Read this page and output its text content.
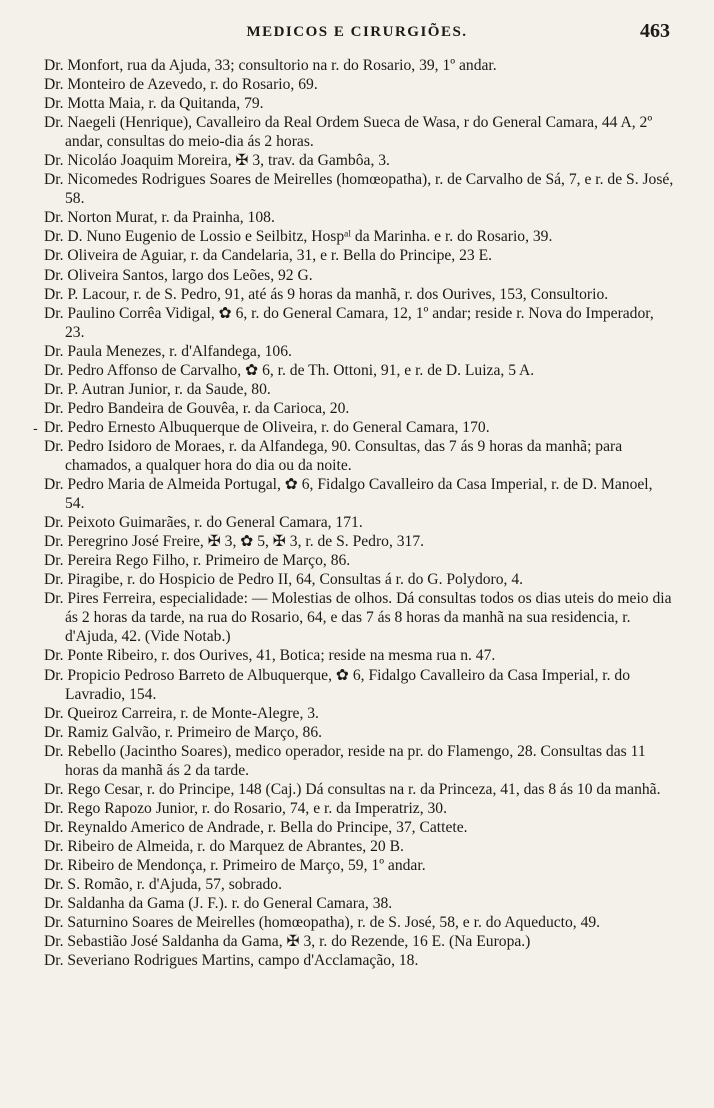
MEDICOS E CIRURGIÕES.	463
-

Dr. Monfort, rua da Ajuda, 33; consultorio na r. do Rosario, 39, 1º andar.

Dr. Monteiro de Azevedo, r. do Rosario, 69.

Dr. Motta Maia, r. da Quitanda, 79.

Dr. Naegeli (Henrique), Cavalleiro da Real Ordem Sueca de Wasa, r do General Camara, 44 A, 2º andar, consultas do meio-dia ás 2 horas.

Dr. Nicoláo Joaquim Moreira, ✠ 3, trav. da Gambôa, 3.

Dr. Nicomedes Rodrigues Soares de Meirelles (homœopatha), r. de Carvalho de Sá, 7, e r. de S. José, 58.

Dr. Norton Murat, r. da Prainha, 108.

Dr. D. Nuno Eugenio de Lossio e Seilbitz, Hospᵃˡ da Marinha. e r. do Rosario, 39.

Dr. Oliveira de Aguiar, r. da Candelaria, 31, e r. Bella do Principe, 23 E.

Dr. Oliveira Santos, largo dos Leões, 92 G.

Dr. P. Lacour, r. de S. Pedro, 91, até ás 9 horas da manhã, r. dos Ourives, 153, Consultorio.

Dr. Paulino Corrêa Vidigal, ✿ 6, r. do General Camara, 12, 1º andar; reside r. Nova do Imperador, 23.

Dr. Paula Menezes, r. d'Alfandega, 106.

Dr. Pedro Affonso de Carvalho, ✿ 6, r. de Th. Ottoni, 91, e r. de D. Luiza, 5 A.

Dr. P. Autran Junior, r. da Saude, 80.

Dr. Pedro Bandeira de Gouvêa, r. da Carioca, 20.

Dr. Pedro Ernesto Albuquerque de Oliveira, r. do General Camara, 170.

Dr. Pedro Isidoro de Moraes, r. da Alfandega, 90. Consultas, das 7 ás 9 horas da manhã; para chamados, a qualquer hora do dia ou da noite.

Dr. Pedro Maria de Almeida Portugal, ✿ 6, Fidalgo Cavalleiro da Casa Imperial, r. de D. Manoel, 54.

Dr. Peixoto Guimarães, r. do General Camara, 171.

Dr. Peregrino José Freire, ✠ 3, ✿ 5, ✠ 3, r. de S. Pedro, 317.

Dr. Pereira Rego Filho, r. Primeiro de Março, 86.

Dr. Piragibe, r. do Hospicio de Pedro II, 64, Consultas á r. do G. Polydoro, 4.

Dr. Pires Ferreira, especialidade: — Molestias de olhos. Dá consultas todos os dias uteis do meio dia ás 2 horas da tarde, na rua do Rosario, 64, e das 7 ás 8 horas da manhã na sua residencia, r. d'Ajuda, 42. (Vide Notab.)

Dr. Ponte Ribeiro, r. dos Ourives, 41, Botica; reside na mesma rua n. 47.

Dr. Propicio Pedroso Barreto de Albuquerque, ✿ 6, Fidalgo Cavalleiro da Casa Imperial, r. do Lavradio, 154.

Dr. Queiroz Carreira, r. de Monte-Alegre, 3.

Dr. Ramiz Galvão, r. Primeiro de Março, 86.

Dr. Rebello (Jacintho Soares), medico operador, reside na pr. do Flamengo, 28. Consultas das 11 horas da manhã ás 2 da tarde.

Dr. Rego Cesar, r. do Principe, 148 (Caj.) Dá consultas na r. da Princeza, 41, das 8 ás 10 da manhã.

Dr. Rego Rapozo Junior, r. do Rosario, 74, e r. da Imperatriz, 30.

Dr. Reynaldo Americo de Andrade, r. Bella do Principe, 37, Cattete.

Dr. Ribeiro de Almeida, r. do Marquez de Abrantes, 20 B.

Dr. Ribeiro de Mendonça, r. Primeiro de Março, 59, 1º andar.

Dr. S. Romão, r. d'Ajuda, 57, sobrado.

Dr. Saldanha da Gama (J. F.). r. do General Camara, 38.

Dr. Saturnino Soares de Meirelles (homœopatha), r. de S. José, 58, e r. do Aqueducto, 49.

Dr. Sebastião José Saldanha da Gama, ✠ 3, r. do Rezende, 16 E. (Na Europa.)

Dr. Severiano Rodrigues Martins, campo d'Acclamação, 18.
